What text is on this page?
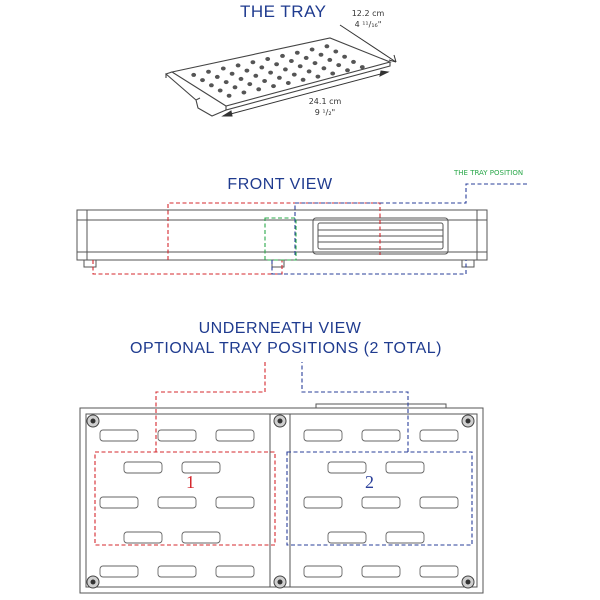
THE TRAY	12.2 cm
4 ¹¹/₁₆"
24.1 cm
9 ¹/₂"
FRONT VIEW
THE TRAY POSITION
UNDERNEATH VIEW
OPTIONAL TRAY POSITIONS (2 TOTAL)
1	2
